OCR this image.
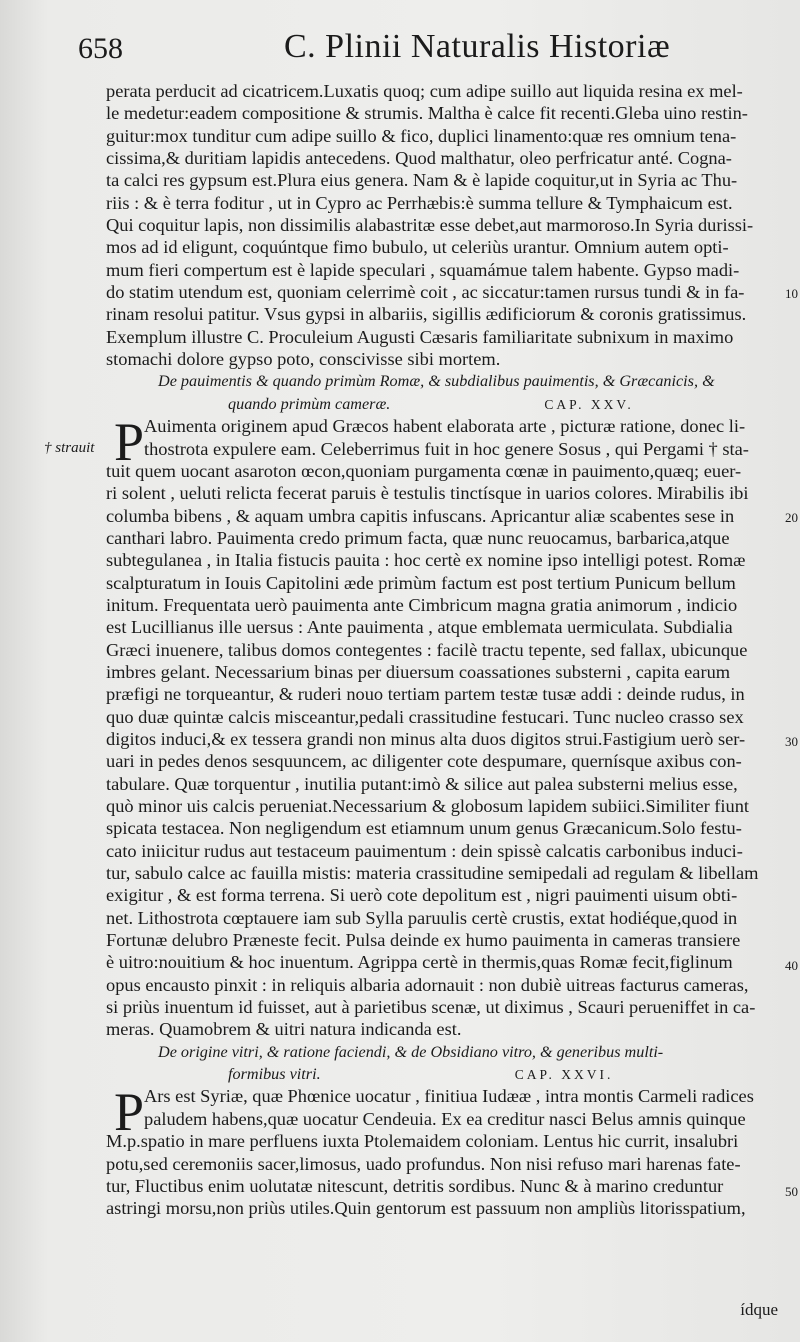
658	C. Plinii Naturalis Historiæ
perata perducit ad cicatricem.Luxatis quoq; cum adipe suillo aut liquida resina ex mel-
le medetur:eadem compositione & strumis. Maltha è calce fit recenti.Gleba uino restin-
guitur:mox tunditur cum adipe suillo & fico, duplici linamento:quæ res omnium tena-
cissima,& duritiam lapidis antecedens. Quod malthatur, oleo perfricatur anté. Cogna-
ta calci res gypsum est.Plura eius genera. Nam & è lapide coquitur,ut in Syria ac Thu-
riis : & è terra foditur , ut in Cypro ac Perrhæbis:è summa tellure & Tymphaicum est.
Qui coquitur lapis, non dissimilis alabastritæ esse debet,aut marmoroso.In Syria durissi-
mos ad id eligunt, coquúntque fimo bubulo, ut celeriùs urantur. Omnium autem opti-
mum fieri compertum est è lapide speculari , squamámue talem habente. Gypso madi-
do statim utendum est, quoniam celerrimè coit , ac siccatur:tamen rursus tundi & in fa-
rinam resolui patitur. Vsus gypsi in albariis, sigillis ædificiorum & coronis gratissimus.
Exemplum illustre C. Proculeium Augusti Cæsaris familiaritate subnixum in maximo
stomachi dolore gypso poto, conscivisse sibi mortem.
De pauimentis & quando primùm Romæ, & subdialibus pauimentis, & Græcanicis, &
quando primùm cameræ.	CAP. XXV.
P Auimenta originem apud Græcos habent elaborata arte , picturæ ratione, donec li-
thostrota expulere eam. Celeberrimus fuit in hoc genere Sosus , qui Pergami † sta-
tuit quem uocant asaroton œcon,quoniam purgamenta cœnæ in pauimento,quæq; euer-
ri solent , ueluti relicta fecerat paruis è testulis tinctísque in uarios colores. Mirabilis ibi
columba bibens , & aquam umbra capitis infuscans. Apricantur aliæ scabentes sese in
canthari labro. Pauimenta credo primum facta, quæ nunc reuocamus, barbarica,atque
subtegulanea , in Italia fistucis pauita : hoc certè ex nomine ipso intelligi potest. Romæ
scalpturatum in Iouis Capitolini æde primùm factum est post tertium Punicum bellum
initum. Frequentata uerò pauimenta ante Cimbricum magna gratia animorum , indicio
est Lucillianus ille uersus : Ante pauimenta , atque emblemata uermiculata. Subdialia
Græci inuenere, talibus domos contegentes : facilè tractu tepente, sed fallax, ubicunque
imbres gelant. Necessarium binas per diuersum coassationes substerni , capita earum
præfigi ne torqueantur, & ruderi nouo tertiam partem testæ tusæ addi : deinde rudus, in
quo duæ quintæ calcis misceantur,pedali crassitudine festucari. Tunc nucleo crasso sex
digitos induci,& ex tessera grandi non minus alta duos digitos strui.Fastigium uerò ser-
uari in pedes denos sesquuncem, ac diligenter cote despumare, quernísque axibus con-
tabulare. Quæ torquentur , inutilia putant:imò & silice aut palea substerni melius esse,
quò minor uis calcis perueniat.Necessarium & globosum lapidem subiici.Similiter fiunt
spicata testacea. Non negligendum est etiamnum unum genus Græcanicum.Solo festu-
cato iniicitur rudus aut testaceum pauimentum : dein spissè calcatis carbonibus induci-
tur, sabulo calce ac fauilla mistis: materia crassitudine semipedali ad regulam & libellam
exigitur , & est forma terrena. Si uerò cote depolitum est , nigri pauimenti uisum obti-
net. Lithostrota cœptauere iam sub Sylla paruulis certè crustis, extat hodiéque,quod in
Fortunæ delubro Præneste fecit. Pulsa deinde ex humo pauimenta in cameras transiere
è uitro:nouitium & hoc inuentum. Agrippa certè in thermis,quas Romæ fecit,figlinum
opus encausto pinxit : in reliquis albaria adornauit : non dubiè uitreas facturus cameras,
si priùs inuentum id fuisset, aut à parietibus scenæ, ut diximus , Scauri perueniffet in ca-
meras. Quamobrem & uitri natura indicanda est.
De origine vitri, & ratione faciendi, & de Obsidiano vitro, & generibus multi-
formibus vitri.	CAP. XXVI.
P Ars est Syriæ, quæ Phœnice uocatur , finitiua Iudææ , intra montis Carmeli radices
paludem habens,quæ uocatur Cendeuia. Ex ea creditur nasci Belus amnis quinque
M.p.spatio in mare perfluens iuxta Ptolemaidem coloniam. Lentus hic currit, insalubri
potu,sed ceremoniis sacer,limosus, uado profundus. Non nisi refuso mari harenas fate-
tur, Fluctibus enim uolutatæ nitescunt, detritis sordibus. Nunc & à marino creduntur
astringi morsu,non priùs utiles.Quin gentorum est passuum non ampliùs litorisspatium,
† strauit
10
20
30
40
50
ídque
